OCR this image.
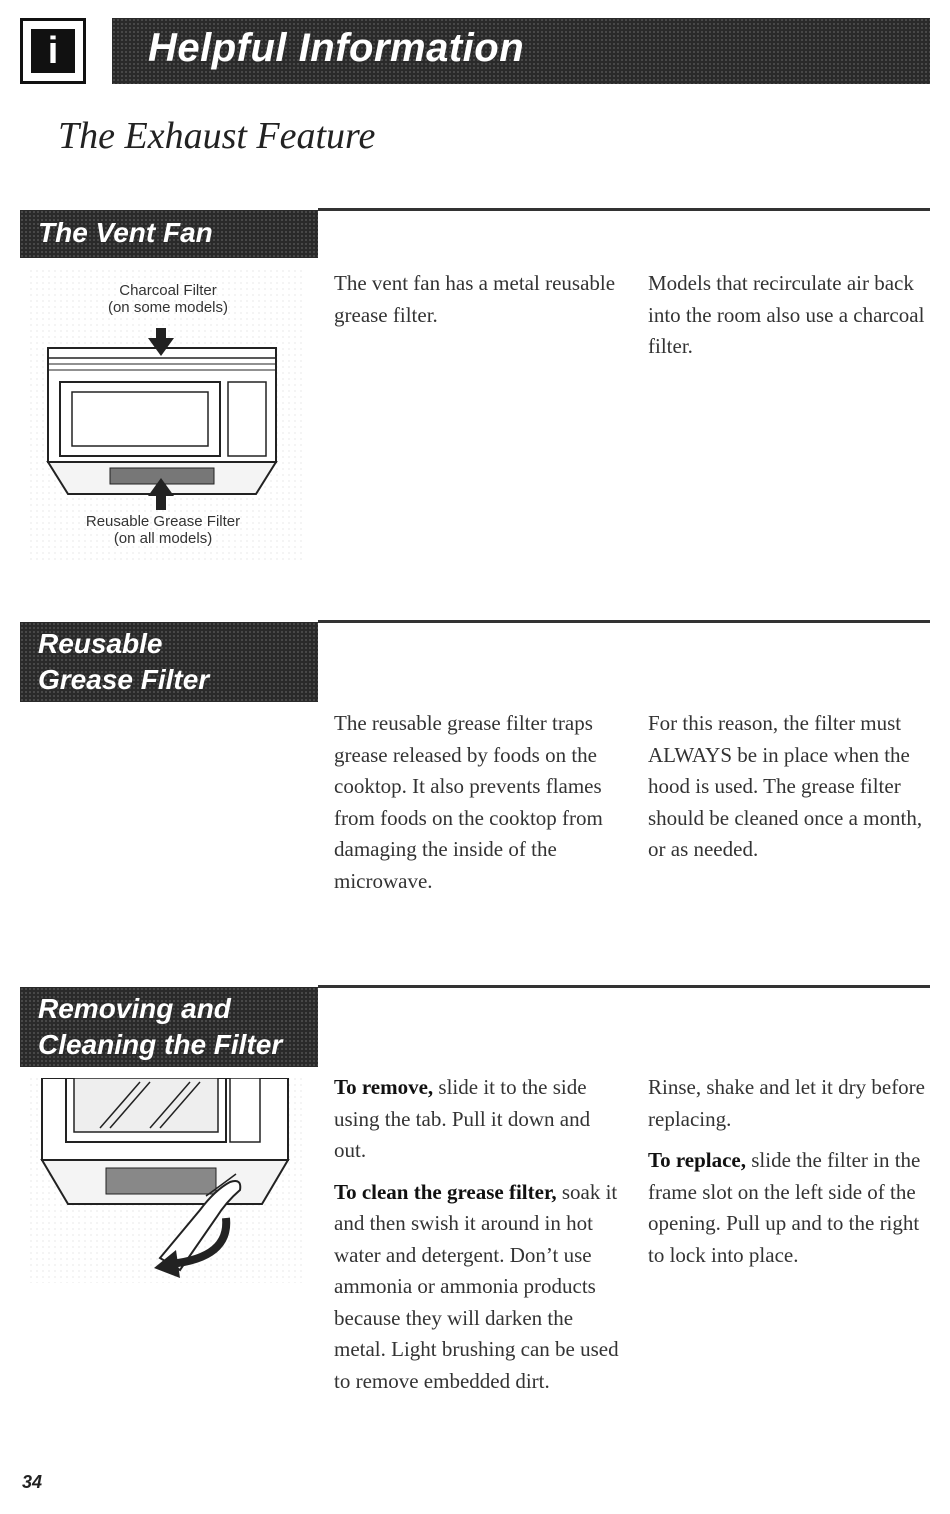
i	Helpful Information
The Exhaust Feature
The Vent Fan
Charcoal Filter
(on some models)
Reusable Grease Filter
(on all models)

The vent fan has a metal reusable grease filter.

Models that recirculate air back into the room also use a charcoal filter.

Reusable
Grease Filter

The reusable grease filter traps grease released by foods on the cooktop. It also prevents flames from foods on the cooktop from damaging the inside of the microwave.

For this reason, the filter must ALWAYS be in place when the hood is used. The grease filter should be cleaned once a month, or as needed.

Removing and
Cleaning the Filter

To remove, slide it to the side using the tab. Pull it down and out.

To clean the grease filter, soak it and then swish it around in hot water and detergent. Don’t use ammonia or ammonia products because they will darken the metal. Light brushing can be used to remove embedded dirt.

Rinse, shake and let it dry before replacing.

To replace, slide the filter in the frame slot on the left side of the opening. Pull up and to the right to lock into place.

34
